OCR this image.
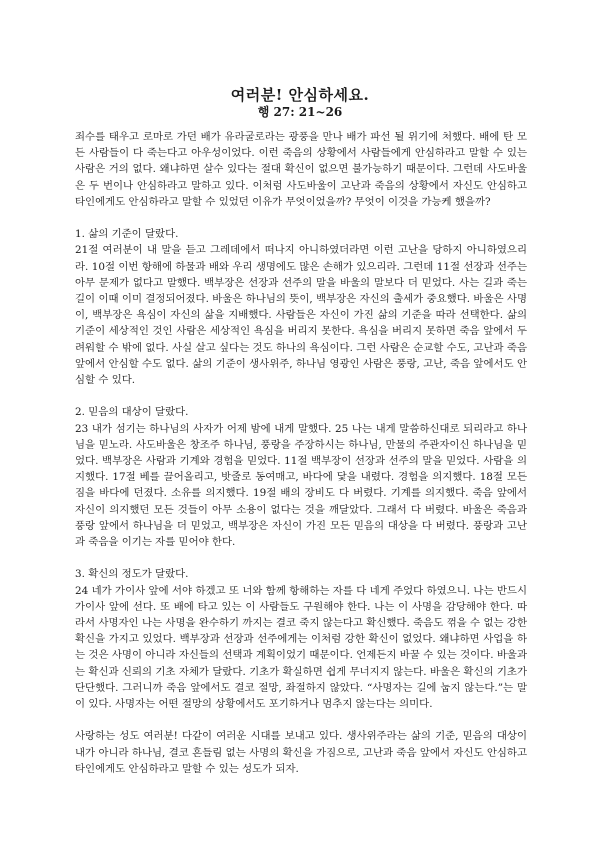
여러분! 안심하세요.
행 27: 21~26

죄수를 태우고 로마로 가던 배가 유라굴로라는 광풍을 만나 배가 파선 될 위기에 처했다. 배에 탄 모든 사람들이 다 죽는다고 아우성이었다. 이런 죽음의 상황에서 사람들에게 안심하라고 말할 수 있는 사람은 거의 없다. 왜냐하면 살수 있다는 절대 확신이 없으면 불가능하기 때문이다. 그런데 사도바울은 두 번이나 안심하라고 말하고 있다. 이처럼 사도바울이 고난과 죽음의 상황에서 자신도 안심하고 타인에게도 안심하라고 말할 수 있었던 이유가 무엇이었을까? 무엇이 이것을 가능케 했을까?

1. 삶의 기준이 달랐다.

21절 여러분이 내 말을 듣고 그레데에서 떠나지 아니하였더라면 이런 고난을 당하지 아니하였으리라. 10절 이번 항해에 하물과 배와 우리 생명에도 많은 손해가 있으리라. 그런데 11절 선장과 선주는 아무 문제가 없다고 말했다. 백부장은 선장과 선주의 말을 바울의 말보다 더 믿었다. 사는 길과 죽는 길이 이때 이미 결정되어졌다. 바울은 하나님의 뜻이, 백부장은 자신의 출세가 중요했다. 바울은 사명이, 백부장은 욕심이 자신의 삶을 지배했다. 사람들은 자신이 가진 삶의 기준을 따라 선택한다. 삶의 기준이 세상적인 것인 사람은 세상적인 욕심을 버리지 못한다. 욕심을 버리지 못하면 죽음 앞에서 두려워할 수 밖에 없다. 사실 살고 싶다는 것도 하나의 욕심이다. 그런 사람은 순교할 수도, 고난과 죽음 앞에서 안심할 수도 없다. 삶의 기준이 생사위주, 하나님 영광인 사람은 풍랑, 고난, 죽음 앞에서도 안심할 수 있다.

2. 믿음의 대상이 달랐다.

23 내가 섬기는 하나님의 사자가 어제 밤에 내게 말했다. 25 나는 내게 말씀하신대로 되리라고 하나님을 믿노라. 사도바울은 창조주 하나님, 풍랑을 주장하시는 하나님, 만물의 주관자이신 하나님을 믿었다. 백부장은 사람과 기계와 경험을 믿었다. 11절 백부장이 선장과 선주의 말을 믿었다. 사람을 의지했다. 17절 베를 끌어올리고, 밧줄로 동여매고, 바다에 닻을 내렸다. 경험을 의지했다. 18절 모든 짐을 바다에 던졌다. 소유를 의지했다. 19절 배의 장비도 다 버렸다. 기계를 의지했다. 죽음 앞에서 자신이 의지했던 모든 것들이 아무 소용이 없다는 것을 깨달았다. 그래서 다 버렸다. 바울은 죽음과 풍랑 앞에서 하나님을 더 믿었고, 백부장은 자신이 가진 모든 믿음의 대상을 다 버렸다. 풍랑과 고난과 죽음을 이기는 자를 믿어야 한다.

3. 확신의 정도가 달랐다.

24 네가 가이사 앞에 서야 하겠고 또 너와 함께 항해하는 자를 다 네게 주었다 하였으니. 나는 반드시 가이사 앞에 선다. 또 배에 타고 있는 이 사람들도 구원해야 한다. 나는 이 사명을 감당해야 한다. 따라서 사명자인 나는 사명을 완수하기 까지는 결코 죽지 않는다고 확신했다. 죽음도 꺾을 수 없는 강한 확신을 가지고 있었다. 백부장과 선장과 선주에게는 이처럼 강한 확신이 없었다. 왜냐하면 사업을 하는 것은 사명이 아니라 자신들의 선택과 계획이었기 때문이다. 언제든지 바꿀 수 있는 것이다. 바울과는 확신과 신뢰의 기초 자체가 달랐다. 기초가 확실하면 쉽게 무너지지 않는다. 바울은 확신의 기초가 단단했다. 그러니까 죽음 앞에서도 결코 절망, 좌절하지 않았다. “사명자는 길에 눕지 않는다.”는 말이 있다. 사명자는 어떤 절망의 상황에서도 포기하거나 멈추지 않는다는 의미다.

사랑하는 성도 여러분! 다같이 여러운 시대를 보내고 있다. 생사위주라는 삶의 기준, 믿음의 대상이 내가 아니라 하나님, 결코 흔들림 없는 사명의 확신을 가짐으로, 고난과 죽음 앞에서 자신도 안심하고 타인에게도 안심하라고 말할 수 있는 성도가 되자.
